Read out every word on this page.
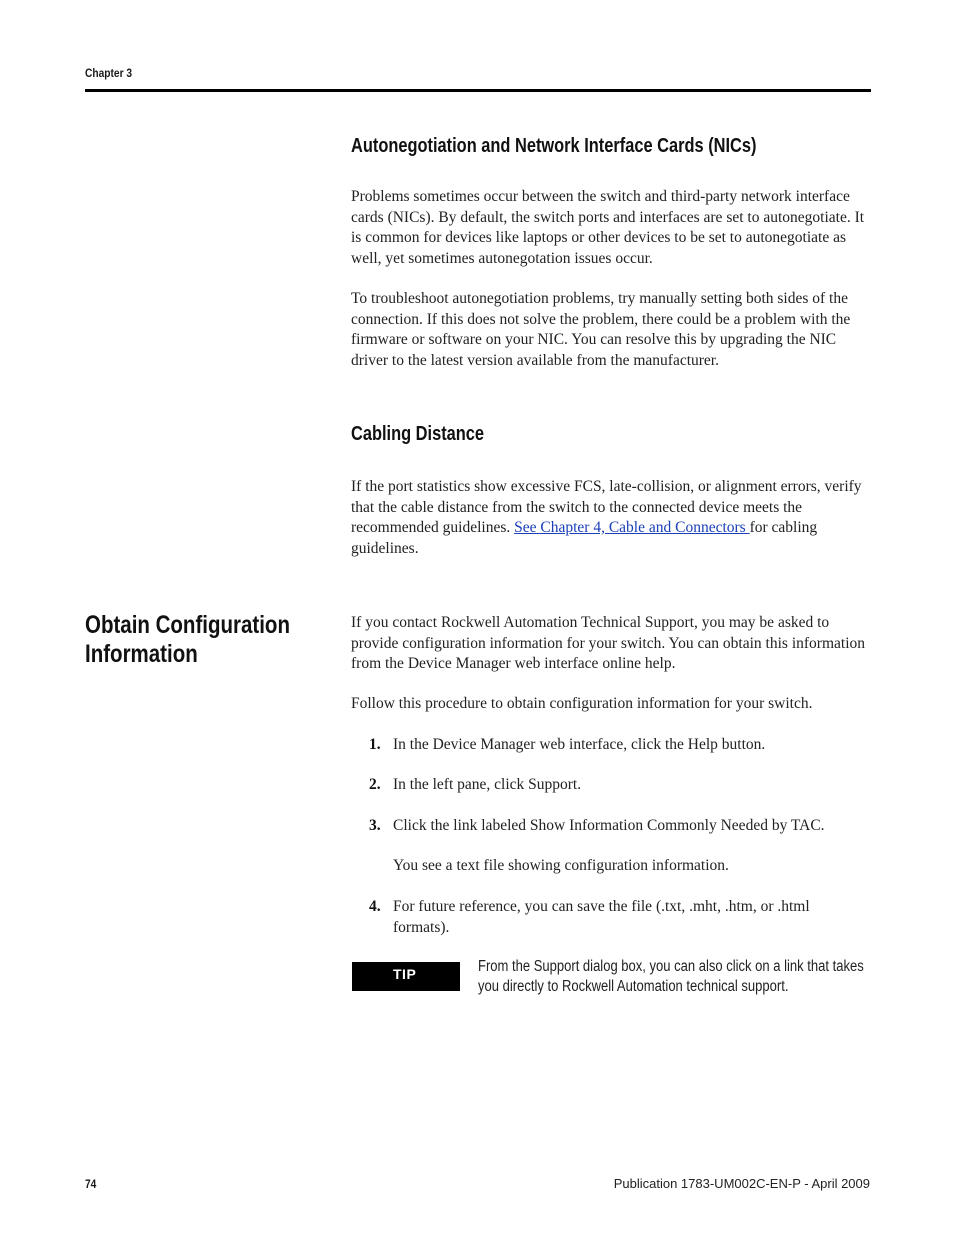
Chapter 3
Autonegotiation and Network Interface Cards (NICs)
Problems sometimes occur between the switch and third-party network interface cards (NICs). By default, the switch ports and interfaces are set to autonegotiate. It is common for devices like laptops or other devices to be set to autonegotiate as well, yet sometimes autonegotation issues occur.
To troubleshoot autonegotiation problems, try manually setting both sides of the connection. If this does not solve the problem, there could be a problem with the firmware or software on your NIC. You can resolve this by upgrading the NIC driver to the latest version available from the manufacturer.
Cabling Distance
If the port statistics show excessive FCS, late-collision, or alignment errors, verify that the cable distance from the switch to the connected device meets the recommended guidelines. See Chapter 4, Cable and Connectors for cabling guidelines.
Obtain Configuration Information
If you contact Rockwell Automation Technical Support, you may be asked to provide configuration information for your switch. You can obtain this information from the Device Manager web interface online help.
Follow this procedure to obtain configuration information for your switch.
1. In the Device Manager web interface, click the Help button.
2. In the left pane, click Support.
3. Click the link labeled Show Information Commonly Needed by TAC.
You see a text file showing configuration information.
4. For future reference, you can save the file (.txt, .mht, .htm, or .html formats).
TIP	From the Support dialog box, you can also click on a link that takes you directly to Rockwell Automation technical support.
74	Publication 1783-UM002C-EN-P - April 2009
